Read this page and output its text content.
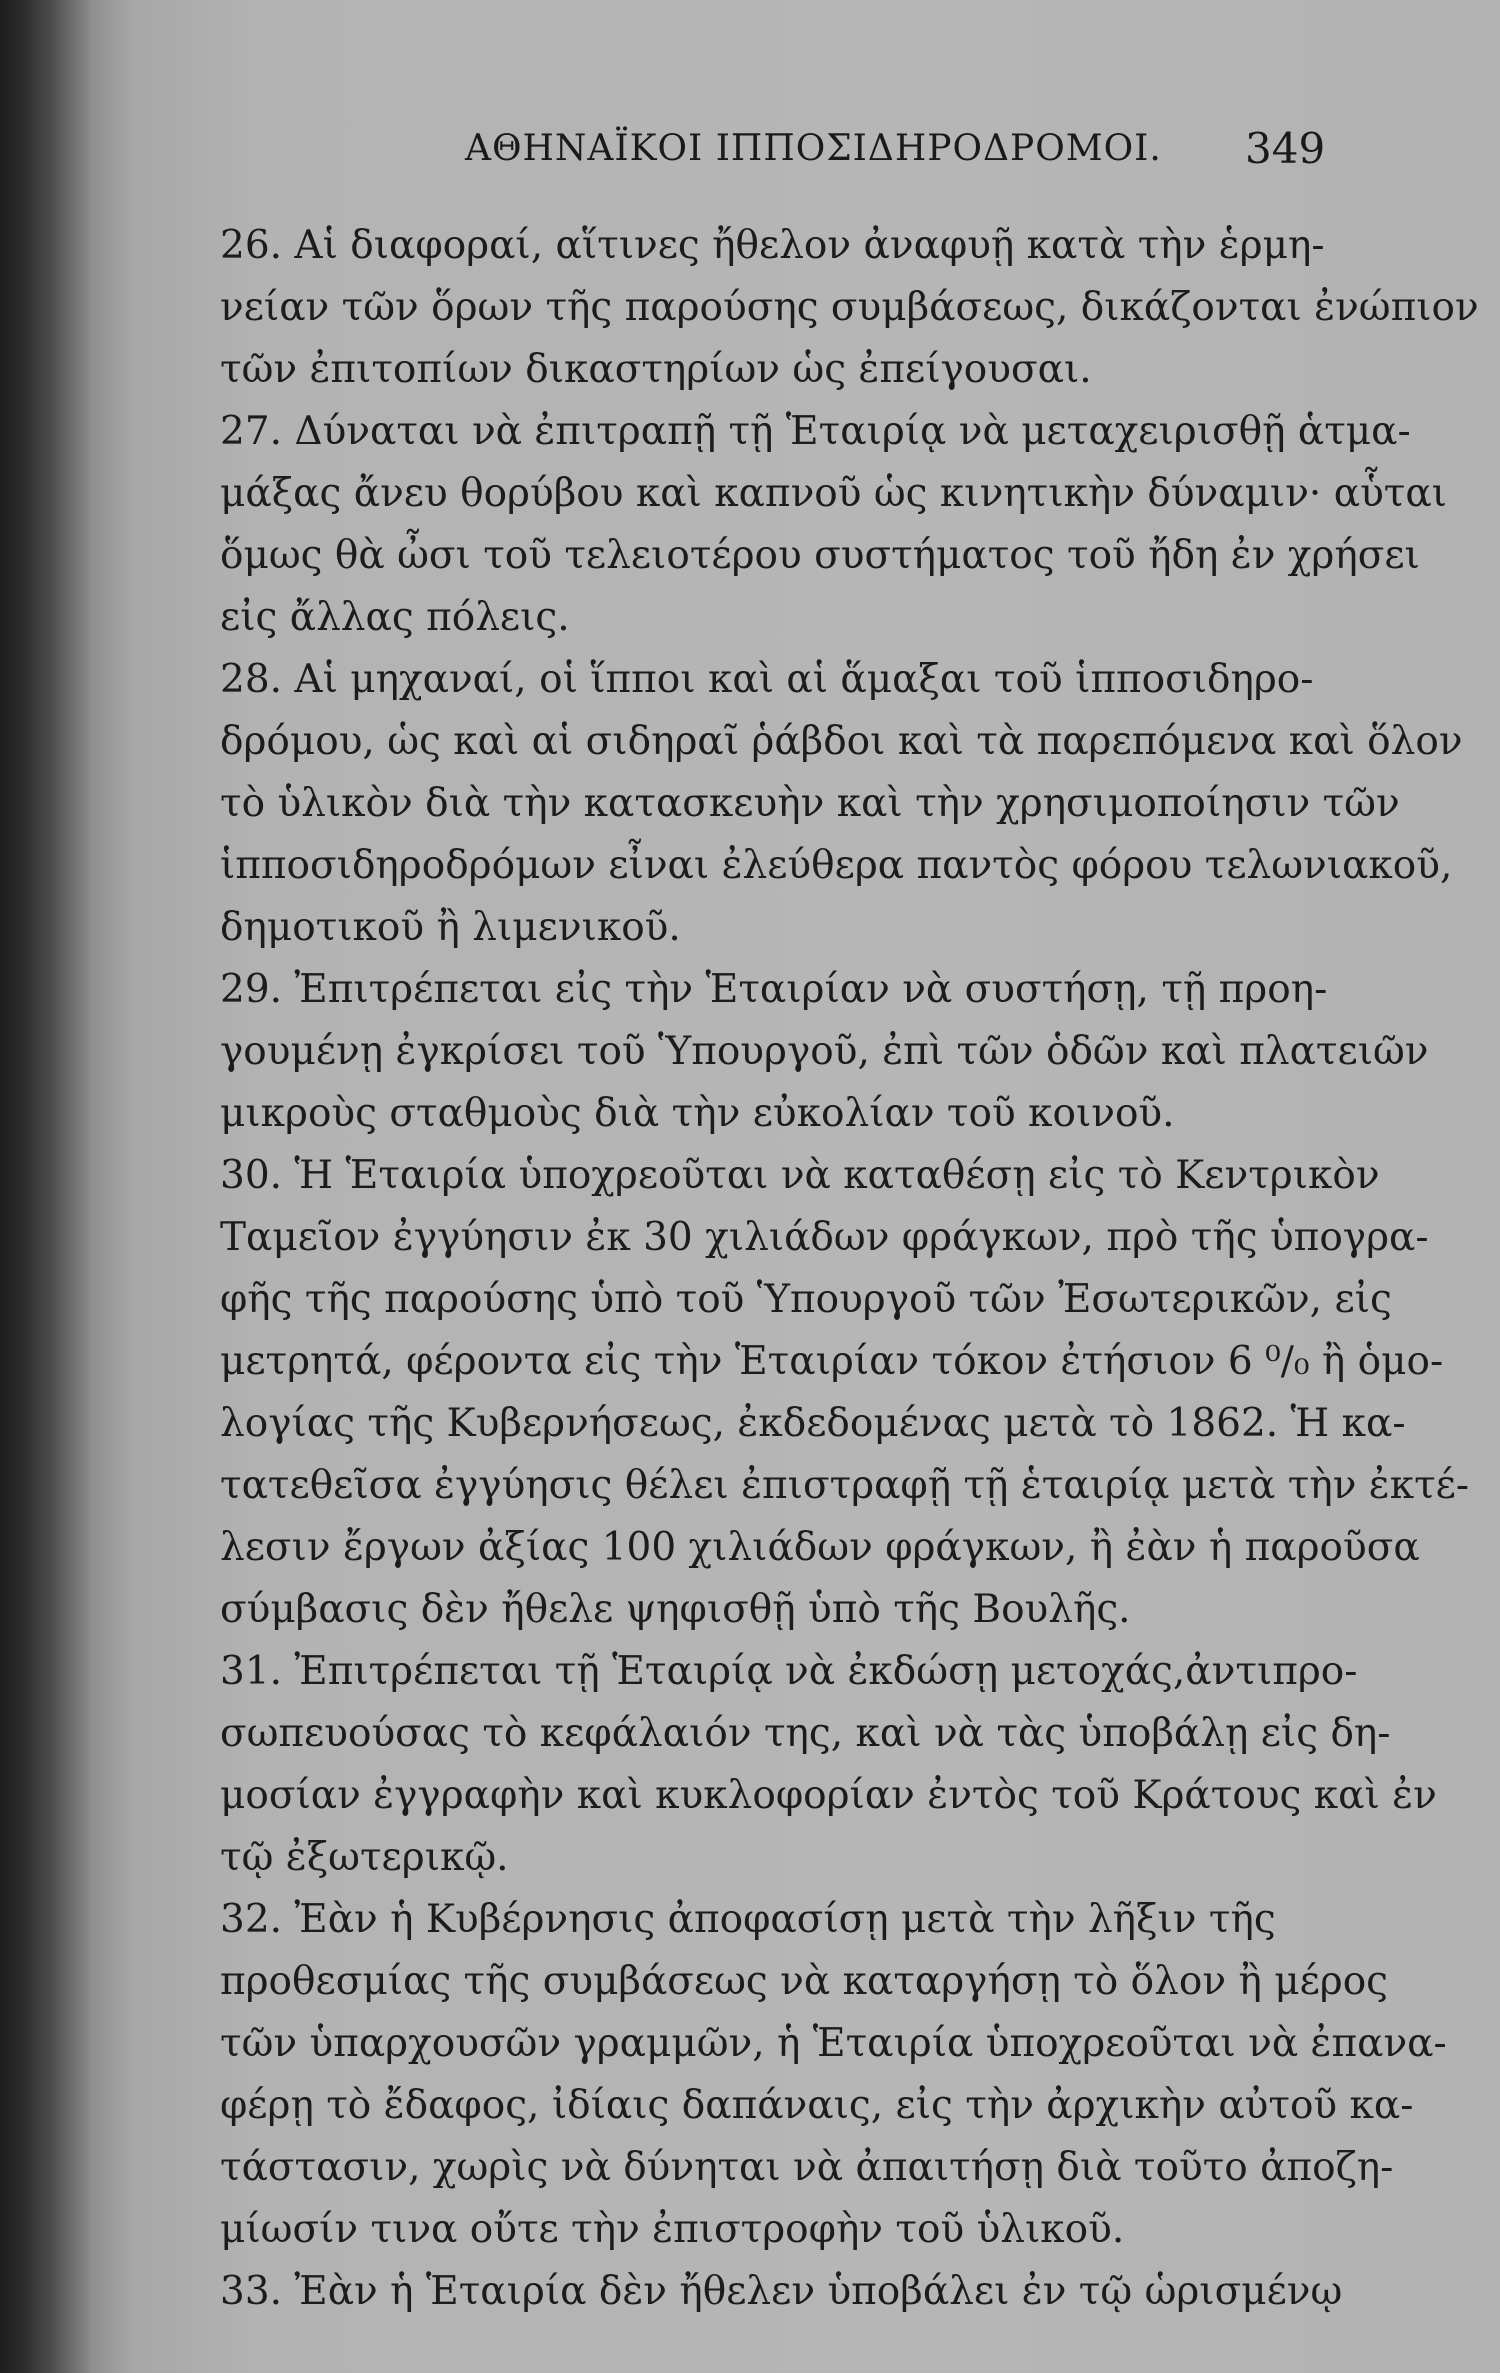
ΑΘΗΝΑΪΚΟΙ ΙΠΠΟΣΙΔΗΡΟΔΡΟΜΟΙ. 349
26. Αἱ διαφοραί, αἵτινες ἤθελον ἀναφυῇ κατὰ τὴν ἑρμη-
νείαν τῶν ὅρων τῆς παρούσης συμβάσεως, δικάζονται ἐνώπιον
τῶν ἐπιτοπίων δικαστηρίων ὡς ἐπείγουσαι.
27. Δύναται νὰ ἐπιτραπῇ τῇ Ἑταιρίᾳ νὰ μεταχειρισθῇ ἁτμα-
μάξας ἄνευ θορύβου καὶ καπνοῦ ὡς κινητικὴν δύναμιν· αὗται
ὅμως θὰ ὦσι τοῦ τελειοτέρου συστήματος τοῦ ἤδη ἐν χρήσει
εἰς ἄλλας πόλεις.
28. Αἱ μηχαναί, οἱ ἵπποι καὶ αἱ ἅμαξαι τοῦ ἱπποσιδηρο-
δρόμου, ὡς καὶ αἱ σιδηραῖ ῥάβδοι καὶ τὰ παρεπόμενα καὶ ὅλον
τὸ ὑλικὸν διὰ τὴν κατασκευὴν καὶ τὴν χρησιμοποίησιν τῶν
ἱπποσιδηροδρόμων εἶναι ἐλεύθερα παντὸς φόρου τελωνιακοῦ,
δημοτικοῦ ἢ λιμενικοῦ.
29. Ἐπιτρέπεται εἰς τὴν Ἑταιρίαν νὰ συστήσῃ, τῇ προη-
γουμένῃ ἐγκρίσει τοῦ Ὑπουργοῦ, ἐπὶ τῶν ὁδῶν καὶ πλατειῶν
μικροὺς σταθμοὺς διὰ τὴν εὐκολίαν τοῦ κοινοῦ.
30. Ἡ Ἑταιρία ὑποχρεοῦται νὰ καταθέσῃ εἰς τὸ Κεντρικὸν
Ταμεῖον ἐγγύησιν ἐκ 30 χιλιάδων φράγκων, πρὸ τῆς ὑπογρα-
φῆς τῆς παρούσης ὑπὸ τοῦ Ὑπουργοῦ τῶν Ἐσωτερικῶν, εἰς
μετρητά, φέροντα εἰς τὴν Ἑταιρίαν τόκον ἐτήσιον 6 ⁰/₀ ἢ ὁμο-
λογίας τῆς Κυβερνήσεως, ἐκδεδομένας μετὰ τὸ 1862. Ἡ κα-
τατεθεῖσα ἐγγύησις θέλει ἐπιστραφῇ τῇ ἑταιρίᾳ μετὰ τὴν ἐκτέ-
λεσιν ἔργων ἀξίας 100 χιλιάδων φράγκων, ἢ ἐὰν ἡ παροῦσα
σύμβασις δὲν ἤθελε ψηφισθῇ ὑπὸ τῆς Βουλῆς.
31. Ἐπιτρέπεται τῇ Ἑταιρίᾳ νὰ ἐκδώσῃ μετοχάς,ἀντιπρο-
σωπευούσας τὸ κεφάλαιόν της, καὶ νὰ τὰς ὑποβάλῃ εἰς δη-
μοσίαν ἐγγραφὴν καὶ κυκλοφορίαν ἐντὸς τοῦ Κράτους καὶ ἐν
τῷ ἐξωτερικῷ.
32. Ἐὰν ἡ Κυβέρνησις ἀποφασίσῃ μετὰ τὴν λῆξιν τῆς
προθεσμίας τῆς συμβάσεως νὰ καταργήσῃ τὸ ὅλον ἢ μέρος
τῶν ὑπαρχουσῶν γραμμῶν, ἡ Ἑταιρία ὑποχρεοῦται νὰ ἐπανα-
φέρῃ τὸ ἔδαφος, ἰδίαις δαπάναις, εἰς τὴν ἀρχικὴν αὐτοῦ κα-
τάστασιν, χωρὶς νὰ δύνηται νὰ ἀπαιτήσῃ διὰ τοῦτο ἀποζη-
μίωσίν τινα οὔτε τὴν ἐπιστροφὴν τοῦ ὑλικοῦ.
33. Ἐὰν ἡ Ἑταιρία δὲν ἤθελεν ὑποβάλει ἐν τῷ ὡρισμένῳ
